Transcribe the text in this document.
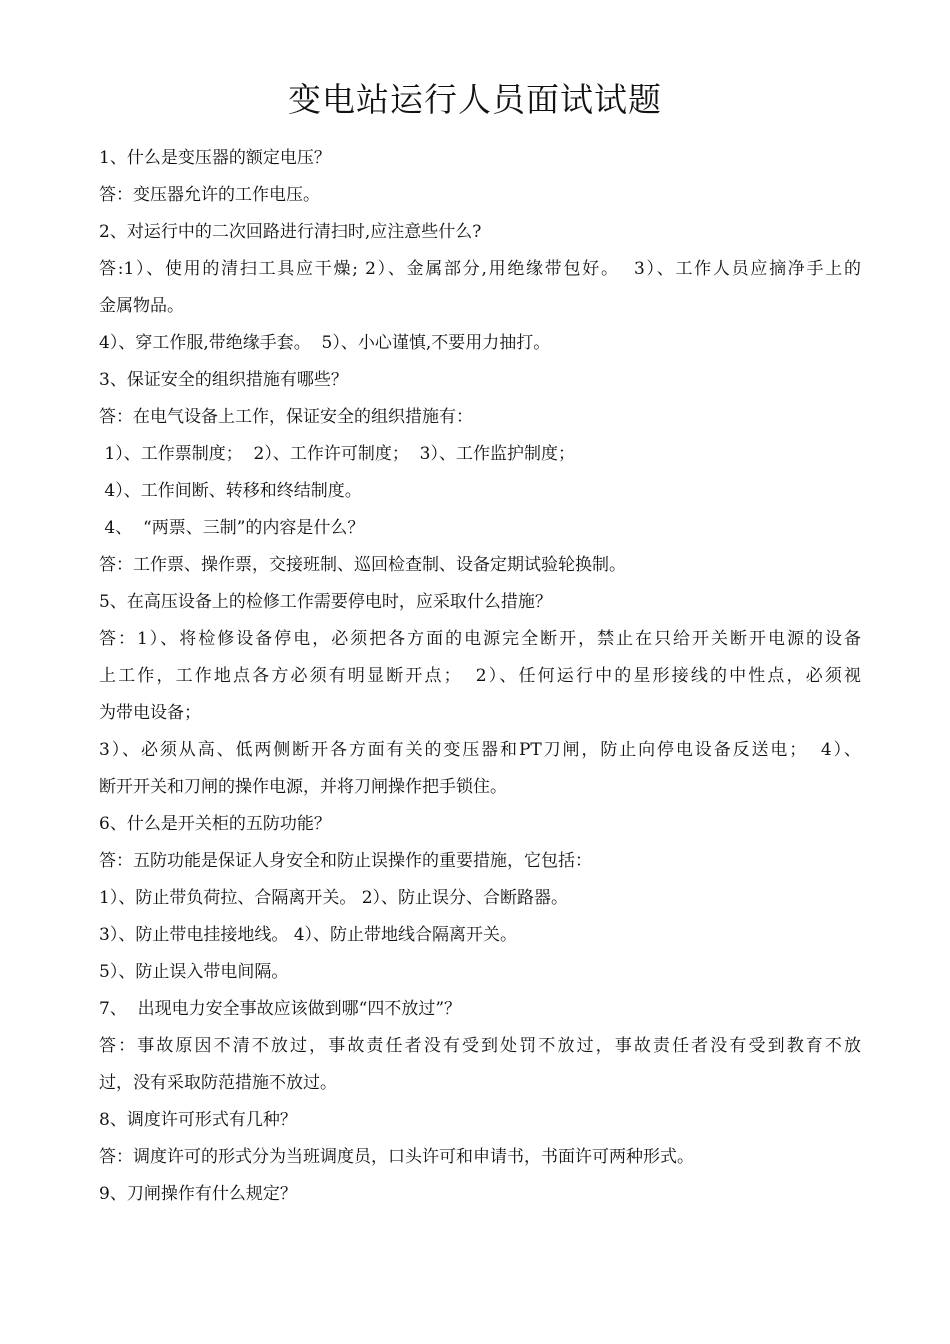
变电站运行人员面试试题

1、什么是变压器的额定电压？

答：变压器允许的工作电压。

2、对运行中的二次回路进行清扫时,应注意些什么?

答:1）、使用的清扫工具应干燥; 2）、金属部分,用绝缘带包好。  3）、工作人员应摘净手上的

金属物品。

4）、穿工作服,带绝缘手套。  5）、小心谨慎,不要用力抽打。

3、保证安全的组织措施有哪些？

答：在电气设备上工作，保证安全的组织措施有：

1）、工作票制度；  2）、工作许可制度；  3）、工作监护制度；

4）、工作间断、转移和终结制度。

4、  “两票、三制”的内容是什么？

答：工作票、操作票，交接班制、巡回检查制、设备定期试验轮换制。

5、在高压设备上的检修工作需要停电时，应采取什么措施？

答：1）、将检修设备停电，必须把各方面的电源完全断开，禁止在只给开关断开电源的设备

上工作，工作地点各方必须有明显断开点；  2）、任何运行中的星形接线的中性点，必须视

为带电设备；

3）、必须从高、低两侧断开各方面有关的变压器和PT刀闸，防止向停电设备反送电；  4）、

断开开关和刀闸的操作电源，并将刀闸操作把手锁住。

6、什么是开关柜的五防功能？

答：五防功能是保证人身安全和防止误操作的重要措施，它包括：

1）、防止带负荷拉、合隔离开关。 2）、防止误分、合断路器。

3）、防止带电挂接地线。 4）、防止带地线合隔离开关。

5）、防止误入带电间隔。

7、  出现电力安全事故应该做到哪“四不放过”？

答：事故原因不清不放过，事故责任者没有受到处罚不放过，事故责任者没有受到教育不放

过，没有采取防范措施不放过。

8、调度许可形式有几种？

答：调度许可的形式分为当班调度员，口头许可和申请书，书面许可两种形式。

9、刀闸操作有什么规定？
